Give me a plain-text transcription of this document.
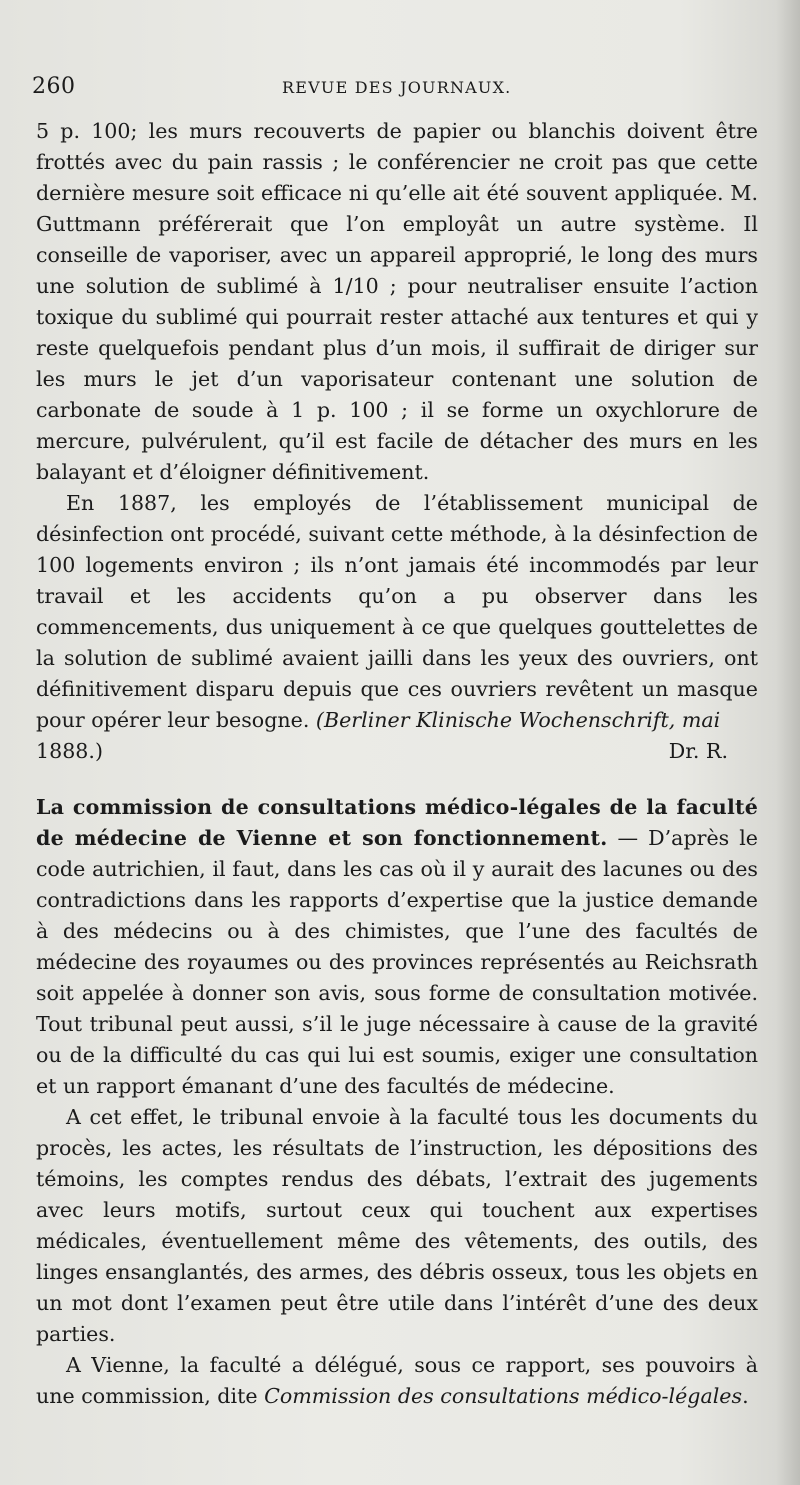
260	REVUE DES JOURNAUX.

5 p. 100; les murs recouverts de papier ou blanchis doivent être frottés avec du pain rassis ; le conférencier ne croit pas que cette dernière mesure soit efficace ni qu’elle ait été souvent appliquée. M. Guttmann préférerait que l’on employât un autre système. Il conseille de vaporiser, avec un appareil approprié, le long des murs une solution de sublimé à 1/10 ; pour neutraliser ensuite l’action toxique du sublimé qui pourrait rester attaché aux tentures et qui y reste quelquefois pendant plus d’un mois, il suffirait de diriger sur les murs le jet d’un vaporisateur contenant une solution de carbonate de soude à 1 p. 100 ; il se forme un oxychlorure de mercure, pulvérulent, qu’il est facile de détacher des murs en les balayant et d’éloigner définitivement.

En 1887, les employés de l’établissement municipal de désinfection ont procédé, suivant cette méthode, à la désinfection de 100 logements environ ; ils n’ont jamais été incommodés par leur travail et les accidents qu’on a pu observer dans les commencements, dus uniquement à ce que quelques gouttelettes de la solution de sublimé avaient jailli dans les yeux des ouvriers, ont définitivement disparu depuis que ces ouvriers revêtent un masque pour opérer leur besogne. (Berliner Klinische Wochenschrift, mai

1888.)	Dr. R.

La commission de consultations médico-légales de la faculté de médecine de Vienne et son fonctionnement. — D’après le code autrichien, il faut, dans les cas où il y aurait des lacunes ou des contradictions dans les rapports d’expertise que la justice demande à des médecins ou à des chimistes, que l’une des facultés de médecine des royaumes ou des provinces représentés au Reichsrath soit appelée à donner son avis, sous forme de consultation motivée. Tout tribunal peut aussi, s’il le juge nécessaire à cause de la gravité ou de la difficulté du cas qui lui est soumis, exiger une consultation et un rapport émanant d’une des facultés de médecine.

A cet effet, le tribunal envoie à la faculté tous les documents du procès, les actes, les résultats de l’instruction, les dépositions des témoins, les comptes rendus des débats, l’extrait des jugements avec leurs motifs, surtout ceux qui touchent aux expertises médicales, éventuellement même des vêtements, des outils, des linges ensanglantés, des armes, des débris osseux, tous les objets en un mot dont l’examen peut être utile dans l’intérêt d’une des deux parties.

A Vienne, la faculté a délégué, sous ce rapport, ses pouvoirs à une commission, dite Commission des consultations médico-légales.
